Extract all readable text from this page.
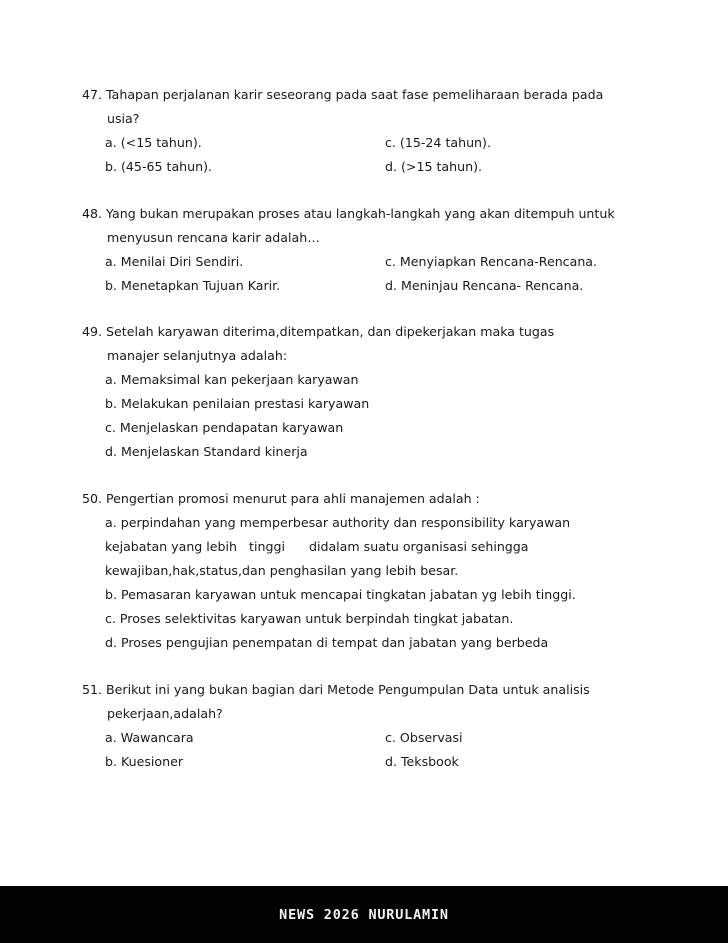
47. Tahapan perjalanan karir seseorang pada saat fase pemeliharaan berada pada
usia?
a. (<15 tahun).	c. (15-24 tahun).
b. (45-65 tahun).	d. (>15 tahun).
48. Yang bukan merupakan proses atau langkah-langkah yang akan ditempuh untuk
menyusun rencana karir adalah…
a. Menilai Diri Sendiri.	c. Menyiapkan Rencana-Rencana.
b. Menetapkan Tujuan Karir.	d. Meninjau Rencana- Rencana.
49. Setelah karyawan diterima,ditempatkan, dan dipekerjakan maka tugas
manajer selanjutnya adalah:
a. Memaksimal kan pekerjaan karyawan
b. Melakukan penilaian prestasi karyawan
c. Menjelaskan pendapatan karyawan
d. Menjelaskan Standard kinerja
50. Pengertian promosi menurut para ahli manajemen adalah :
a. perpindahan yang memperbesar authority dan responsibility karyawan
kejabatan yang lebih   tinggi      didalam suatu organisasi sehingga
kewajiban,hak,status,dan penghasilan yang lebih besar.
b. Pemasaran karyawan untuk mencapai tingkatan jabatan yg lebih tinggi.
c. Proses selektivitas karyawan untuk berpindah tingkat jabatan.
d. Proses pengujian penempatan di tempat dan jabatan yang berbeda
51. Berikut ini yang bukan bagian dari Metode Pengumpulan Data untuk analisis
pekerjaan,adalah?
a. Wawancara	c. Observasi
b. Kuesioner	d. Teksbook
NEWS 2026 NURULAMIN
